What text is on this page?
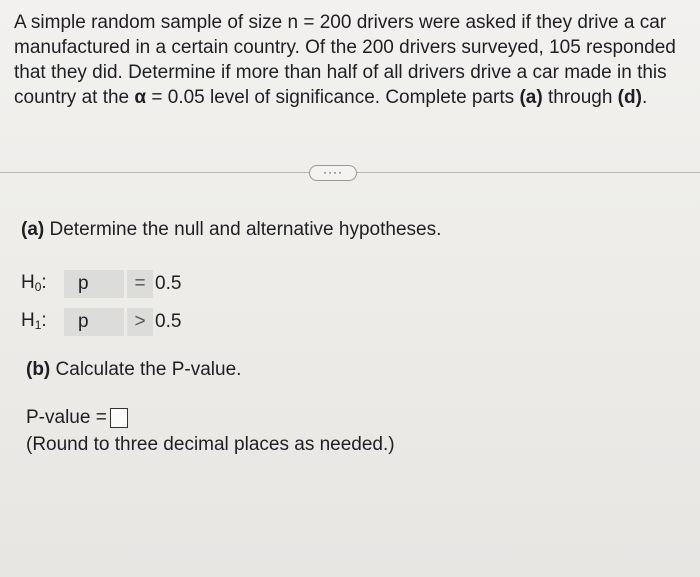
A simple random sample of size n = 200 drivers were asked if they drive a car manufactured in a certain country. Of the 200 drivers surveyed, 105 responded that they did. Determine if more than half of all drivers drive a car made in this country at the α = 0.05 level of significance. Complete parts (a) through (d).

····

(a) Determine the null and alternative hypotheses.

$H_0$:	p	= 0.5
$H_1$:	p	> 0.5

(b) Calculate the P-value.

P-value =
(Round to three decimal places as needed.)
